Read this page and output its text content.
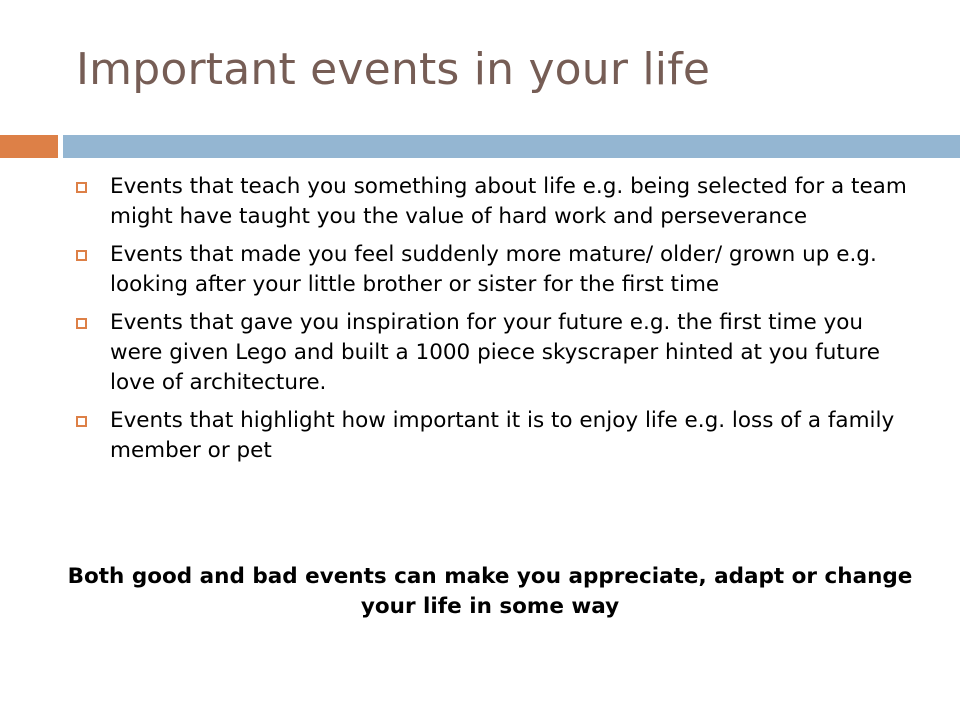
Important events in your life
Events that teach you something about life e.g. being selected for a team might have taught you the value of hard work and perseverance
Events that made you feel suddenly more mature/ older/ grown up e.g. looking after your little brother or sister for the first time
Events that gave you inspiration for your future e.g. the first time you were given Lego and built a 1000 piece skyscraper hinted at you future love of architecture.
Events that highlight how important it is to enjoy life e.g. loss of a family member or pet
Both good and bad events can make you appreciate, adapt or change your life in some way
